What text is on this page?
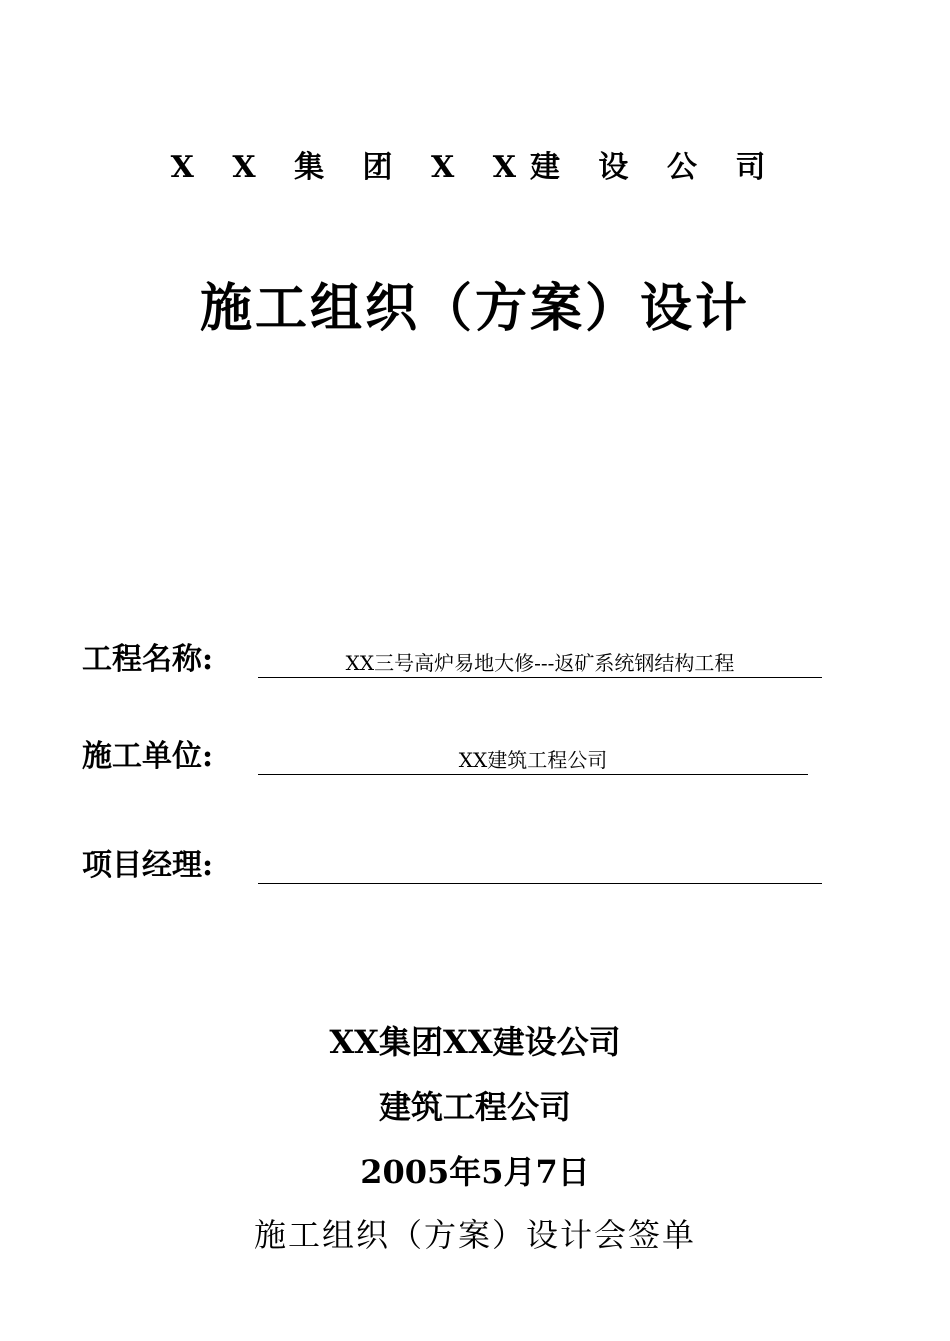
X X 集 团 X X建 设 公 司
施工组织（方案）设计
工程名称:	XX三号高炉易地大修---返矿系统钢结构工程
施工单位:	XX建筑工程公司
项目经理:
XX集团XX建设公司
建筑工程公司
2005年5月7日
施工组织（方案）设计会签单
